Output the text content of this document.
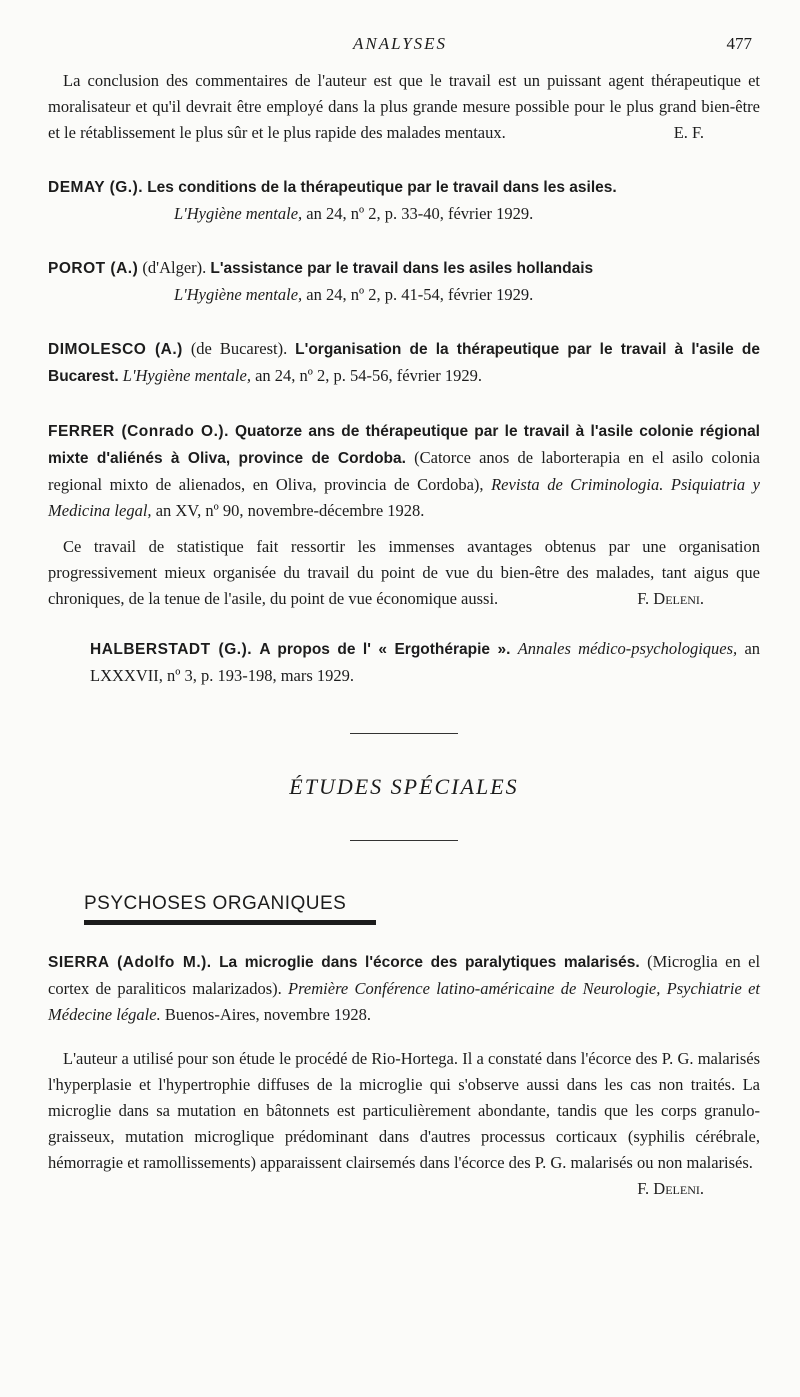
ANALYSES	477

La conclusion des commentaires de l'auteur est que le travail est un puissant agent thérapeutique et moralisateur et qu'il devrait être employé dans la plus grande mesure possible pour le plus grand bien-être et le rétablissement le plus sûr et le plus rapide des malades mentaux.	E. F.

DEMAY (G.). Les conditions de la thérapeutique par le travail dans les asiles.

L'Hygiène mentale, an 24, nº 2, p. 33-40, février 1929.

POROT (A.) (d'Alger). L'assistance par le travail dans les asiles hollandais

L'Hygiène mentale, an 24, nº 2, p. 41-54, février 1929.

DIMOLESCO (A.) (de Bucarest). L'organisation de la thérapeutique par le travail à l'asile de Bucarest. L'Hygiène mentale, an 24, nº 2, p. 54-56, février 1929.

FERRER (Conrado O.). Quatorze ans de thérapeutique par le travail à l'asile colonie régional mixte d'aliénés à Oliva, province de Cordoba. (Catorce anos de laborterapia en el asilo colonia regional mixto de alienados, en Oliva, provincia de Cordoba), Revista de Criminologia. Psiquiatria y Medicina legal, an XV, nº 90, novembre-décembre 1928.

Ce travail de statistique fait ressortir les immenses avantages obtenus par une organisation progressivement mieux organisée du travail du point de vue du bien-être des malades, tant aigus que chroniques, de la tenue de l'asile, du point de vue économique aussi.	F. Deleni.

HALBERSTADT (G.). A propos de l' « Ergothérapie ». Annales médico-psychologiques, an LXXXVII, nº 3, p. 193-198, mars 1929.

ÉTUDES SPÉCIALES
PSYCHOSES ORGANIQUES

SIERRA (Adolfo M.). La microglie dans l'écorce des paralytiques malarisés. (Microglia en el cortex de paraliticos malarizados). Première Conférence latino-américaine de Neurologie, Psychiatrie et Médecine légale. Buenos-Aires, novembre 1928.

L'auteur a utilisé pour son étude le procédé de Rio-Hortega. Il a constaté dans l'écorce des P. G. malarisés l'hyperplasie et l'hypertrophie diffuses de la microglie qui s'observe aussi dans les cas non traités. La microglie dans sa mutation en bâtonnets est particulièrement abondante, tandis que les corps granulo-graisseux, mutation microglique prédominant dans d'autres processus corticaux (syphilis cérébrale, hémorragie et ramollissements) apparaissent clairsemés dans l'écorce des P. G. malarisés ou non malarisés.
F. Deleni.
